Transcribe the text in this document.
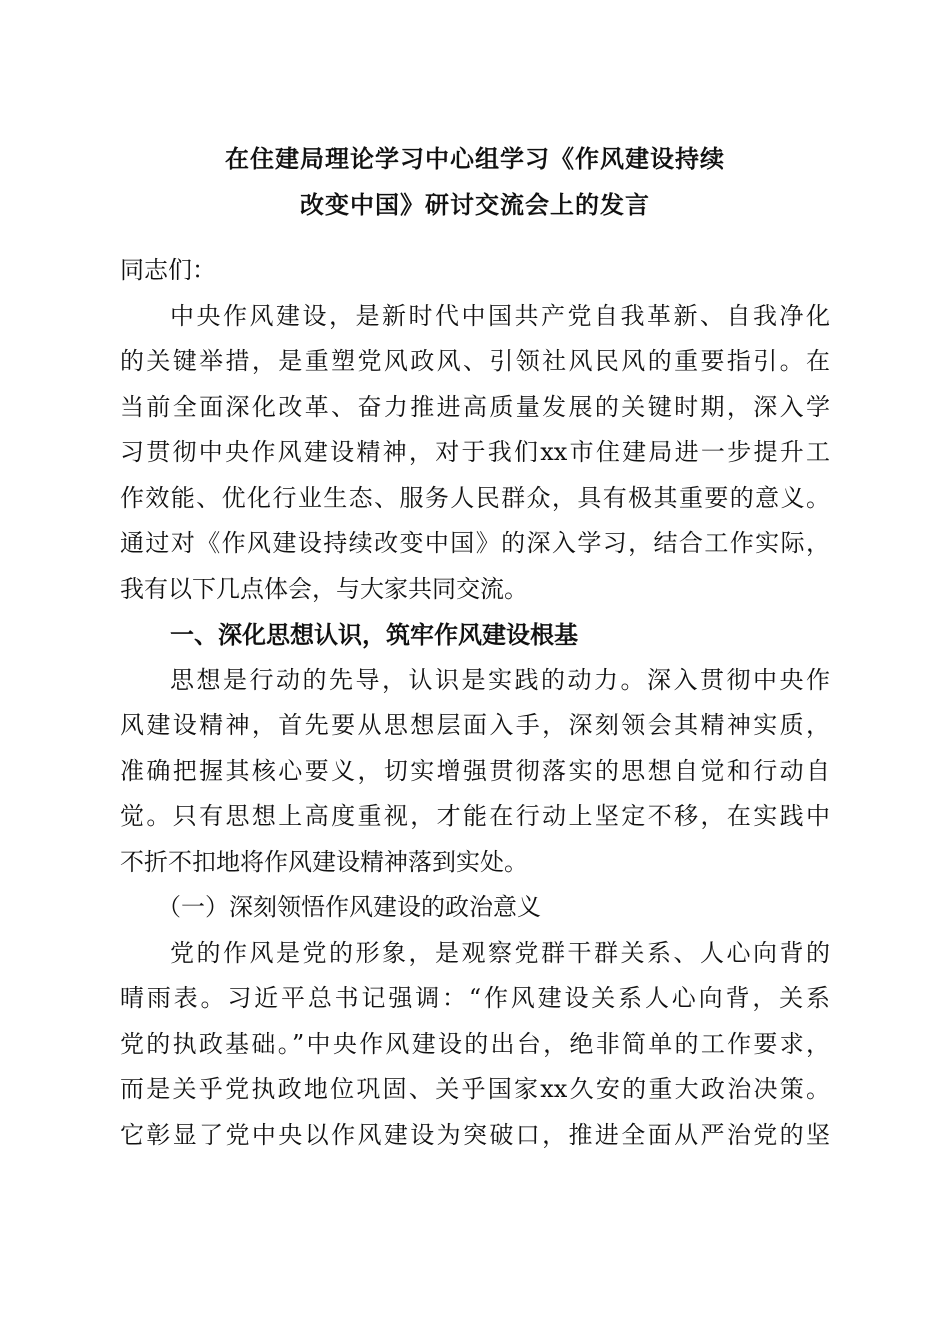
在住建局理论学习中心组学习《作风建设持续
改变中国》研讨交流会上的发言
同志们：
中央作风建设，是新时代中国共产党自我革新、自我净化
的关键举措，是重塑党风政风、引领社风民风的重要指引。在
当前全面深化改革、奋力推进高质量发展的关键时期，深入学
习贯彻中央作风建设精神，对于我们xx市住建局进一步提升工
作效能、优化行业生态、服务人民群众，具有极其重要的意义。
通过对《作风建设持续改变中国》的深入学习，结合工作实际，
我有以下几点体会，与大家共同交流。
一、深化思想认识，筑牢作风建设根基
思想是行动的先导，认识是实践的动力。深入贯彻中央作
风建设精神，首先要从思想层面入手，深刻领会其精神实质，
准确把握其核心要义，切实增强贯彻落实的思想自觉和行动自
觉。只有思想上高度重视，才能在行动上坚定不移，在实践中
不折不扣地将作风建设精神落到实处。
（一）深刻领悟作风建设的政治意义
党的作风是党的形象，是观察党群干群关系、人心向背的
晴雨表。习近平总书记强调：“作风建设关系人心向背，关系
党的执政基础。”中央作风建设的出台，绝非简单的工作要求，
而是关乎党执政地位巩固、关乎国家xx久安的重大政治决策。
它彰显了党中央以作风建设为突破口，推进全面从严治党的坚
